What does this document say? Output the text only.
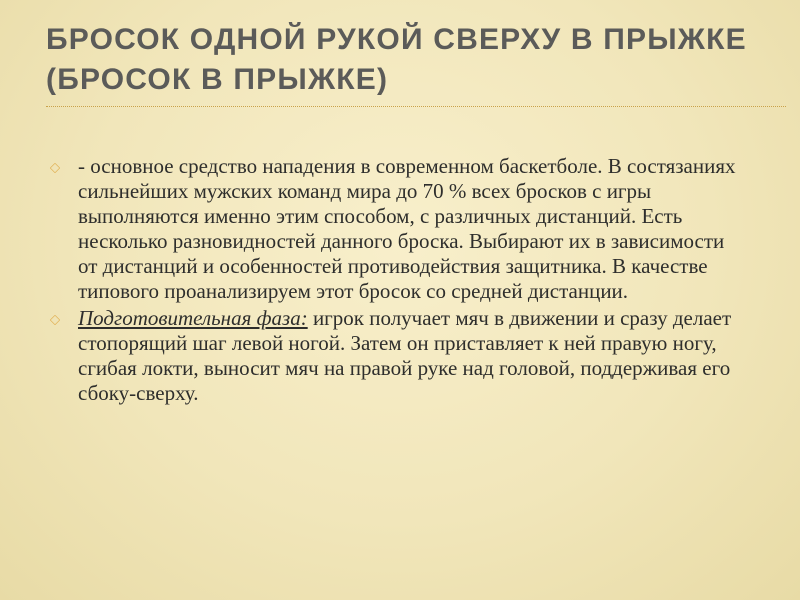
БРОСОК ОДНОЙ РУКОЙ СВЕРХУ В ПРЫЖКЕ (БРОСОК В ПРЫЖКЕ)

- основное средство нападения в современном баскетболе. В состязаниях сильнейших мужских команд мира до 70 % всех бросков с игры выполняются именно этим способом, с различных дистанций. Есть несколько разновидностей данного броска. Выбирают их в зависимости от дистанций и особенностей противодействия защитника. В качестве типового проанализируем этот бросок со средней дистанции.

Подготовительная фаза: игрок получает мяч в движении и сразу делает стопорящий шаг левой ногой. Затем он приставляет к ней правую ногу, сгибая локти, выносит мяч на правой руке над головой, поддерживая его сбоку-сверху.
